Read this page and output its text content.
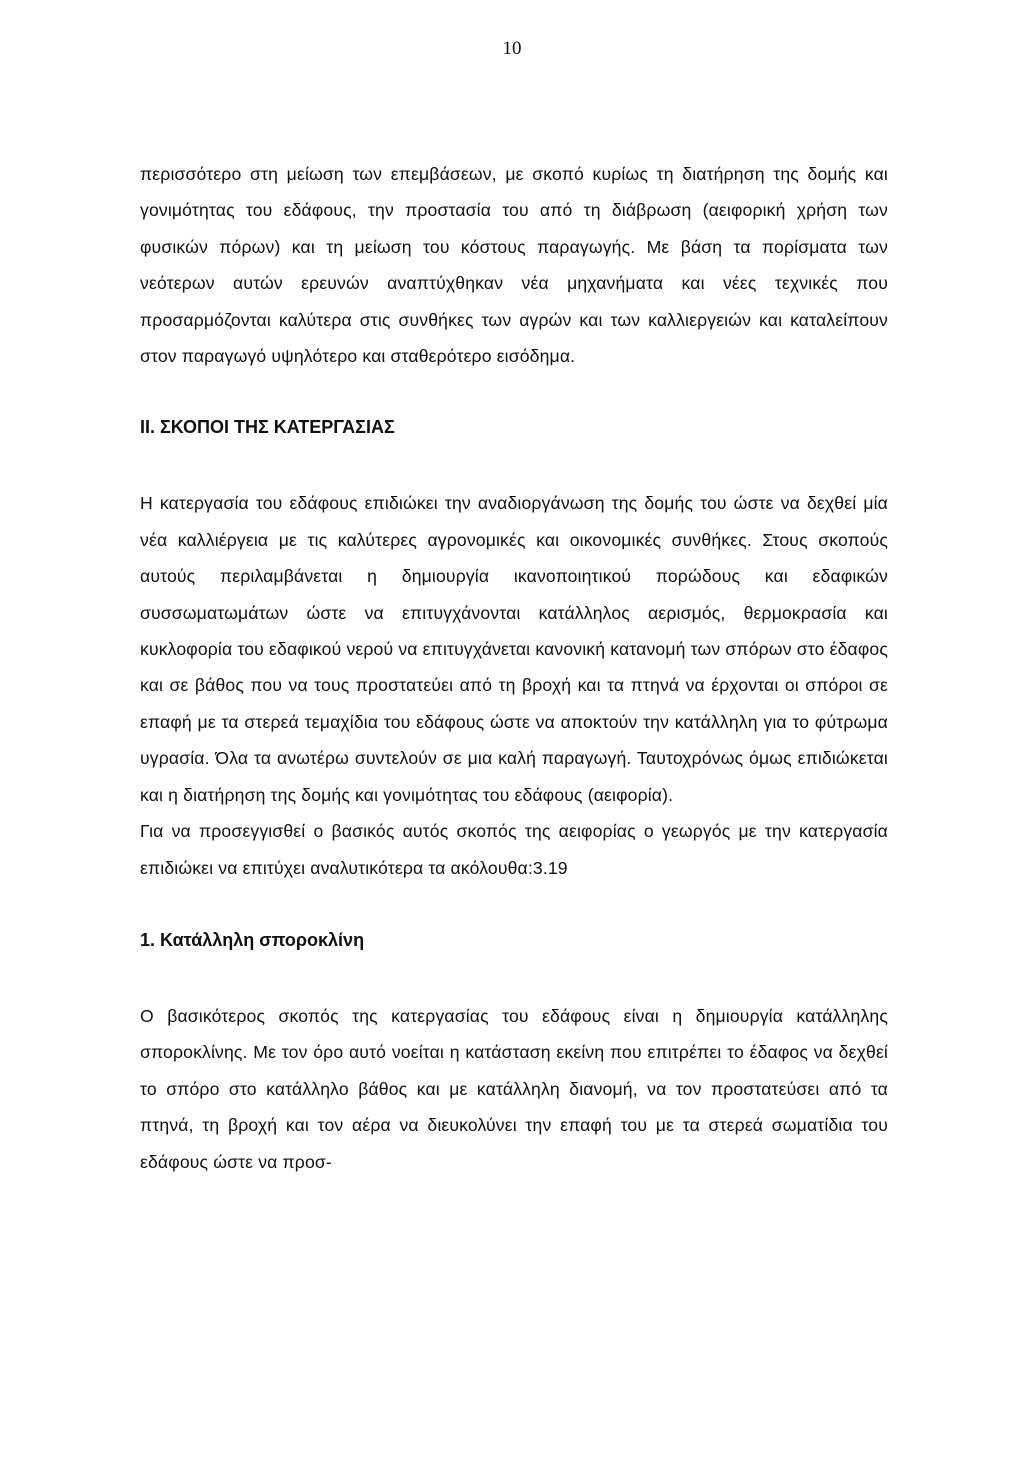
10

περισσότερο στη μείωση των επεμβάσεων, με σκοπό κυρίως τη διατήρηση της δομής και γονιμότητας του εδάφους, την προστασία του από τη διάβρωση (αειφορική χρήση των φυσικών πόρων) και τη μείωση του κόστους παραγωγής. Με βάση τα πορίσματα των νεότερων αυτών ερευνών αναπτύχθηκαν νέα μηχανήματα και νέες τεχνικές που προσαρμόζονται καλύτερα στις συνθήκες των αγρών και των καλλιεργειών και καταλείπουν στον παραγωγό υψηλότερο και σταθερότερο εισόδημα.

II. ΣΚΟΠΟΙ ΤΗΣ ΚΑΤΕΡΓΑΣΙΑΣ

Η κατεργασία του εδάφους επιδιώκει την αναδιοργάνωση της δομής του ώστε να δεχθεί μία νέα καλλιέργεια με τις καλύτερες αγρονομικές και οικονομικές συνθήκες. Στους σκοπούς αυτούς περιλαμβάνεται η δημιουργία ικανοποιητικού πορώδους και εδαφικών συσσωματωμάτων ώστε να επιτυγχάνονται κατάλληλος αερισμός, θερμοκρασία και κυκλοφορία του εδαφικού νερού να επιτυγχάνεται κανονική κατανομή των σπόρων στο έδαφος και σε βάθος που να τους προστατεύει από τη βροχή και τα πτηνά να έρχονται οι σπόροι σε επαφή με τα στερεά τεμαχίδια του εδάφους ώστε να αποκτούν την κατάλληλη για το φύτρωμα υγρασία. Όλα τα ανωτέρω συντελούν σε μια καλή παραγωγή. Ταυτοχρόνως όμως επιδιώκεται και η διατήρηση της δομής και γονιμότητας του εδάφους (αειφορία).

Για να προσεγγισθεί ο βασικός αυτός σκοπός της αειφορίας ο γεωργός με την κατεργασία επιδιώκει να επιτύχει αναλυτικότερα τα ακόλουθα:3.19

1. Κατάλληλη σποροκλίνη

Ο βασικότερος σκοπός της κατεργασίας του εδάφους είναι η δημιουργία κατάλληλης σποροκλίνης. Με τον όρο αυτό νοείται η κατάσταση εκείνη που επιτρέπει το έδαφος να δεχθεί το σπόρο στο κατάλληλο βάθος και με κατάλληλη διανομή, να τον προστατεύσει από τα πτηνά, τη βροχή και τον αέρα να διευκολύνει την επαφή του με τα στερεά σωματίδια του εδάφους ώστε να προσ-
